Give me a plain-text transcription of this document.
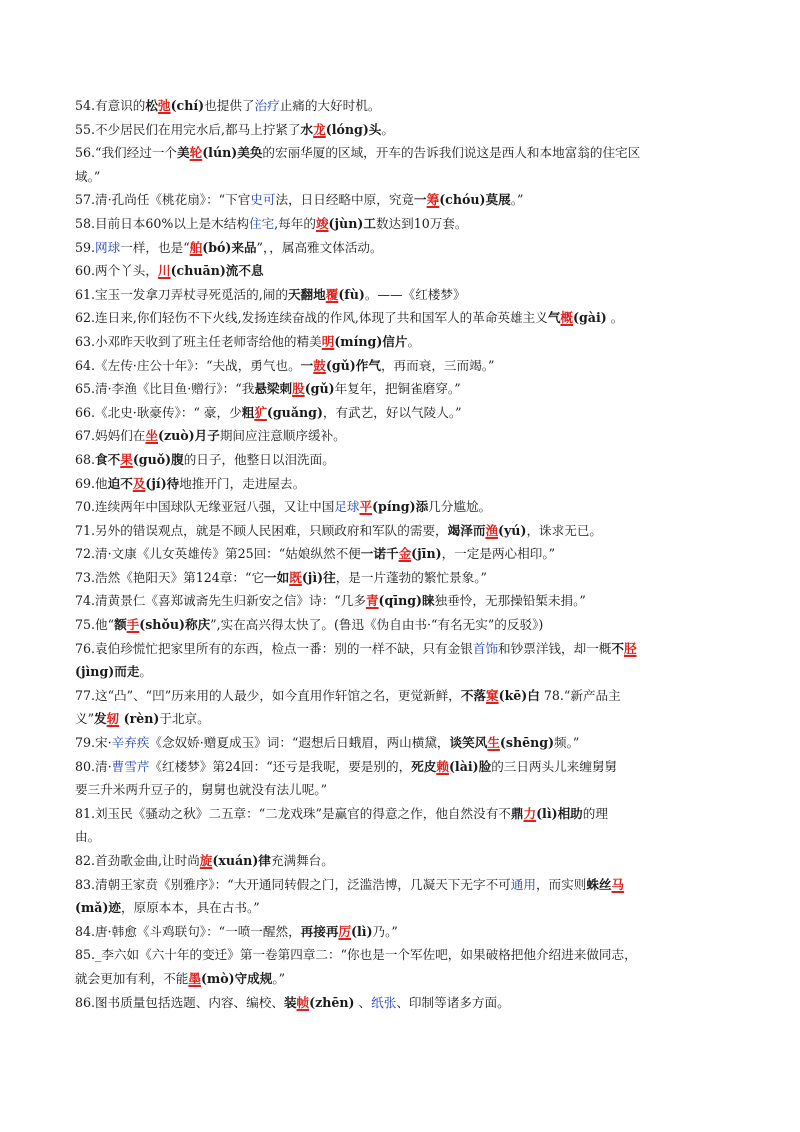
54.有意识的松弛(chí)也提供了治疗止痛的大好时机。
55.不少居民们在用完水后,都马上拧紧了水龙(lóng)头。
56.“我们经过一个美轮(lún)美奂的宏丽华厦的区域，开车的告诉我们说这是西人和本地富翁的住宅区
域。”
57.清·孔尚任《桃花扇》：“下官史可法，日日经略中原，究竟一筹(chóu)莫展。”
58.目前日本60%以上是木结构住宅,每年的竣(jùn)工数达到10万套。
59.网球一样，也是“舶(bó)来品”，，属高雅文体活动。
60.两个丫头，川(chuān)流不息
61.宝玉一发拿刀弄杖寻死觅活的,闹的天翻地覆(fù)。——《红楼梦》
62.连日来,你们轻伤不下火线,发扬连续奋战的作风,体现了共和国军人的革命英雄主义气概(gài) 。
63.小邓昨天收到了班主任老师寄给他的精美明(míng)信片。
64.《左传·庄公十年》：“夫战，勇气也。一鼓(gǔ)作气，再而衰，三而竭。”
65.清·李渔《比目鱼·赠行》：“我悬梁刺股(gǔ)年复年，把铜雀磨穿。”
66.《北史·耿豪传》：“ 豪，少粗犷(guǎng)，有武艺，好以气陵人。”
67.妈妈们在坐(zuò)月子期间应注意顺序缓补。
68.食不果(guǒ)腹的日子，他整日以泪洗面。
69.他迫不及(jí)待地推开门，走进屋去。
70.连续两年中国球队无缘亚冠八强，又让中国足球平(píng)添几分尴尬。
71.另外的错误观点，就是不顾人民困难，只顾政府和军队的需要，竭泽而渔(yú)，诛求无已。
72.清·文康《儿女英雄传》第25回：“姑娘纵然不便一诺千金(jīn)，一定是两心相印。”
73.浩然《艳阳天》第124章：“它一如既(jì)往，是一片蓬勃的繁忙景象。”
74.清黄景仁《喜郑诚斋先生归新安之信》诗：“几多青(qīng)睐独垂怜，无那操铅椠未捐。”
75.他“额手(shǒu)称庆”,实在高兴得太快了。(鲁迅《伪自由书·“有名无实”的反驳》)
76.袁伯珍慌忙把家里所有的东西，检点一番：别的一样不缺，只有金银首饰和钞票洋钱，却一概不胫
(jìng)而走。
77.这“凸”、“凹”历来用的人最少，如今直用作轩馆之名，更觉新鲜，不落窠(kē)白 78.“新产品主
义”发轫 (rèn)于北京。
79.宋·辛弃疾《念奴娇·赠夏成玉》词：“遐想后日蛾眉，两山横黛，谈笑风生(shēng)频。”
80.清·曹雪芹《红楼梦》第24回：“还亏是我呢，要是别的，死皮赖(lài)脸的三日两头儿来缠舅舅
要三升米两升豆子的，舅舅也就没有法儿呢。”
81.刘玉民《骚动之秋》二五章：“二龙戏珠”是赢官的得意之作，他自然没有不鼎力(lì)相助的理
由。
82.首劲歌金曲,让时尚旋(xuán)律充满舞台。
83.清朝王家贲《别雅序》：“大开通同转假之门，泛滥浩博，几凝天下无字不可通用，而实则蛛丝马
(mǎ)迹，原原本本，具在古书。”
84.唐·韩愈《斗鸡联句》：“一喷一醒然，再接再厉(lì)乃。”
85._李六如《六十年的变迁》第一卷第四章二：“你也是一个军佐吧，如果破格把他介绍进来做同志，
就会更加有利，不能墨(mò)守成规。”
86.图书质量包括选题、内容、编校、装帧(zhēn) 、纸张、印制等诸多方面。
